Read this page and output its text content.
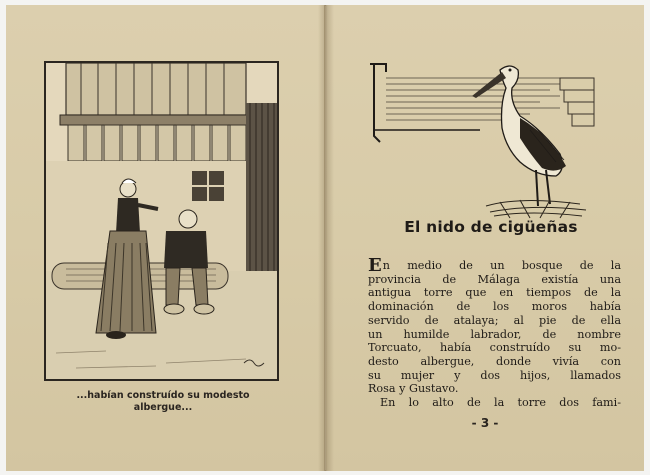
...habían construído su modesto
albergue...
El nido de cigüeñas
En medio de un bosque de la
provincia de Málaga existía una
antigua torre que en tiempos de la
dominación de los moros había
servido de atalaya; al pie de ella
un humilde labrador, de nombre
Torcuato, había construído su mo-
desto albergue, donde vivía con
su mujer y dos hijos, llamados
Rosa y Gustavo.
En lo alto de la torre dos fami-
- 3 -
